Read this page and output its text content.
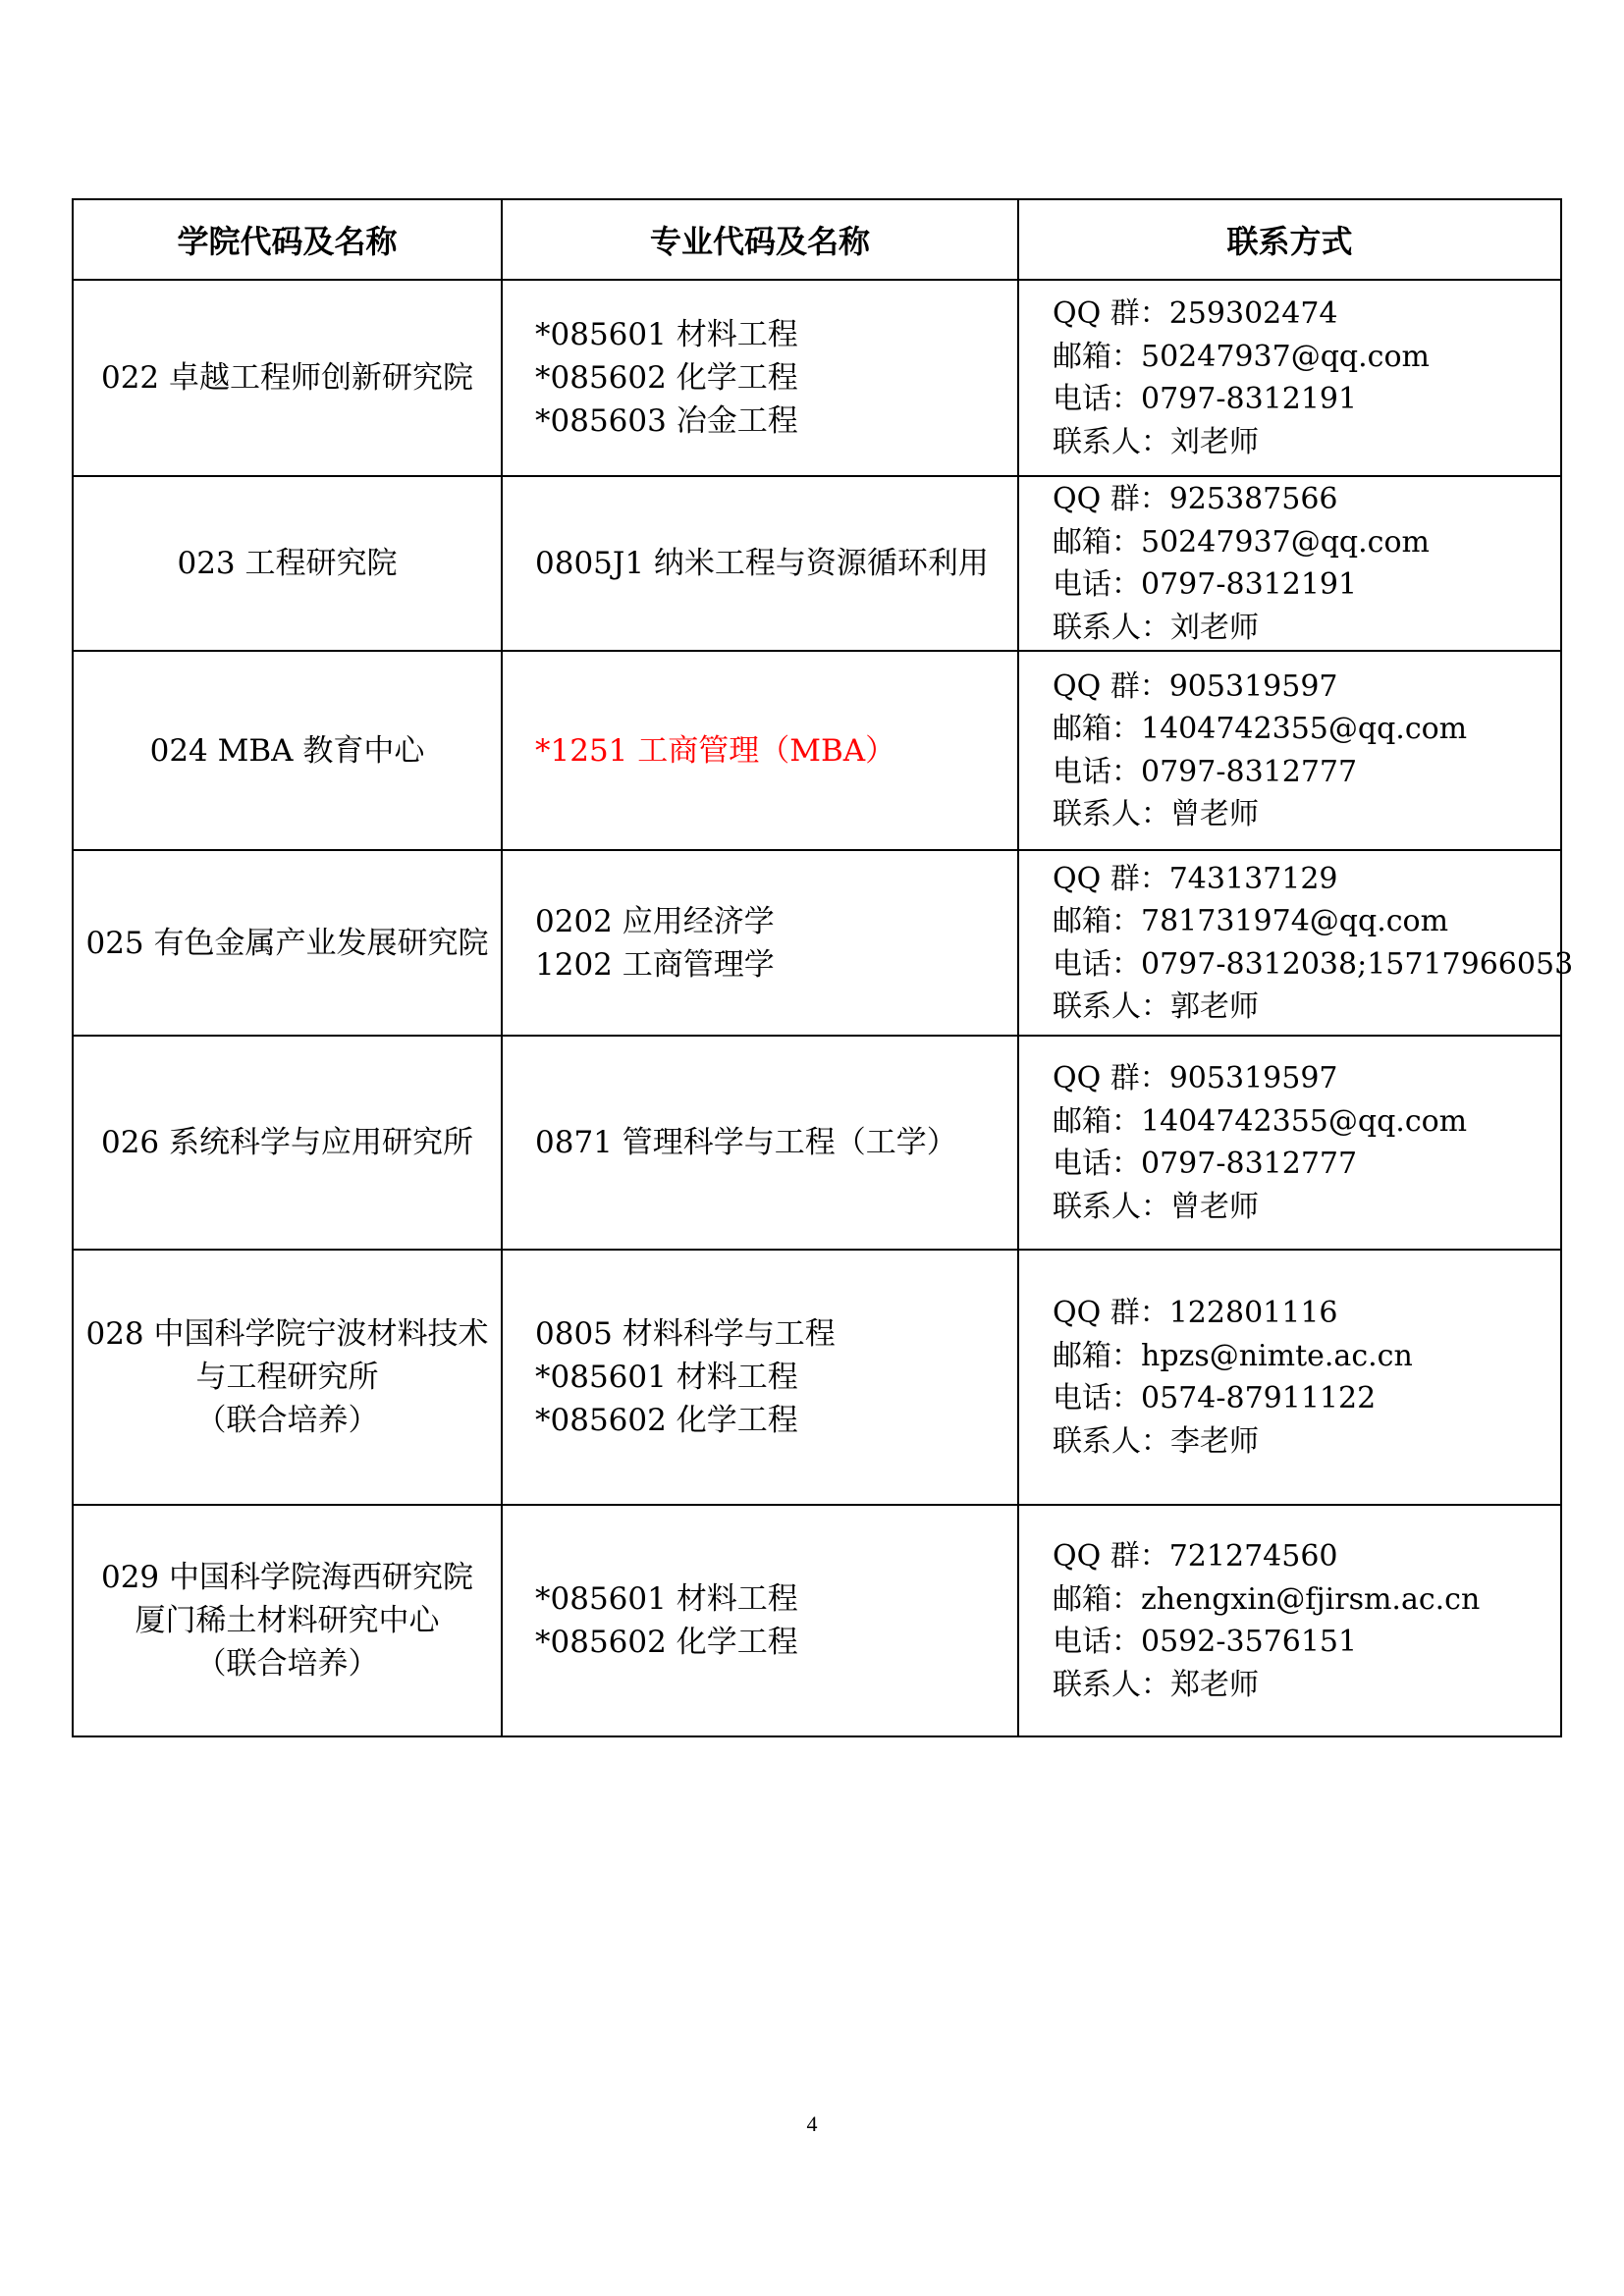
学院代码及名称	专业代码及名称	联系方式

022 卓越工程师创新研究院	*085601 材料工程
*085602 化学工程
*085603 冶金工程	QQ 群：259302474
邮箱：50247937@qq.com
电话：0797-8312191
联系人：刘老师

023 工程研究院	0805J1 纳米工程与资源循环利用	QQ 群：925387566
邮箱：50247937@qq.com
电话：0797-8312191
联系人：刘老师

024 MBA 教育中心	*1251 工商管理（MBA）	QQ 群：905319597
邮箱：1404742355@qq.com
电话：0797-8312777
联系人：曾老师

025 有色金属产业发展研究院	0202 应用经济学
1202 工商管理学	QQ 群：743137129
邮箱：781731974@qq.com
电话：0797-8312038;15717966053
联系人：郭老师

026 系统科学与应用研究所	0871 管理科学与工程（工学）	QQ 群：905319597
邮箱：1404742355@qq.com
电话：0797-8312777
联系人：曾老师

028 中国科学院宁波材料技术
与工程研究所
（联合培养）	0805 材料科学与工程
*085601 材料工程
*085602 化学工程	QQ 群：122801116
邮箱：hpzs@nimte.ac.cn
电话：0574-87911122
联系人：李老师

029 中国科学院海西研究院
厦门稀土材料研究中心
（联合培养）	*085601 材料工程
*085602 化学工程	QQ 群：721274560
邮箱：zhengxin@fjirsm.ac.cn
电话：0592-3576151
联系人：郑老师
4
